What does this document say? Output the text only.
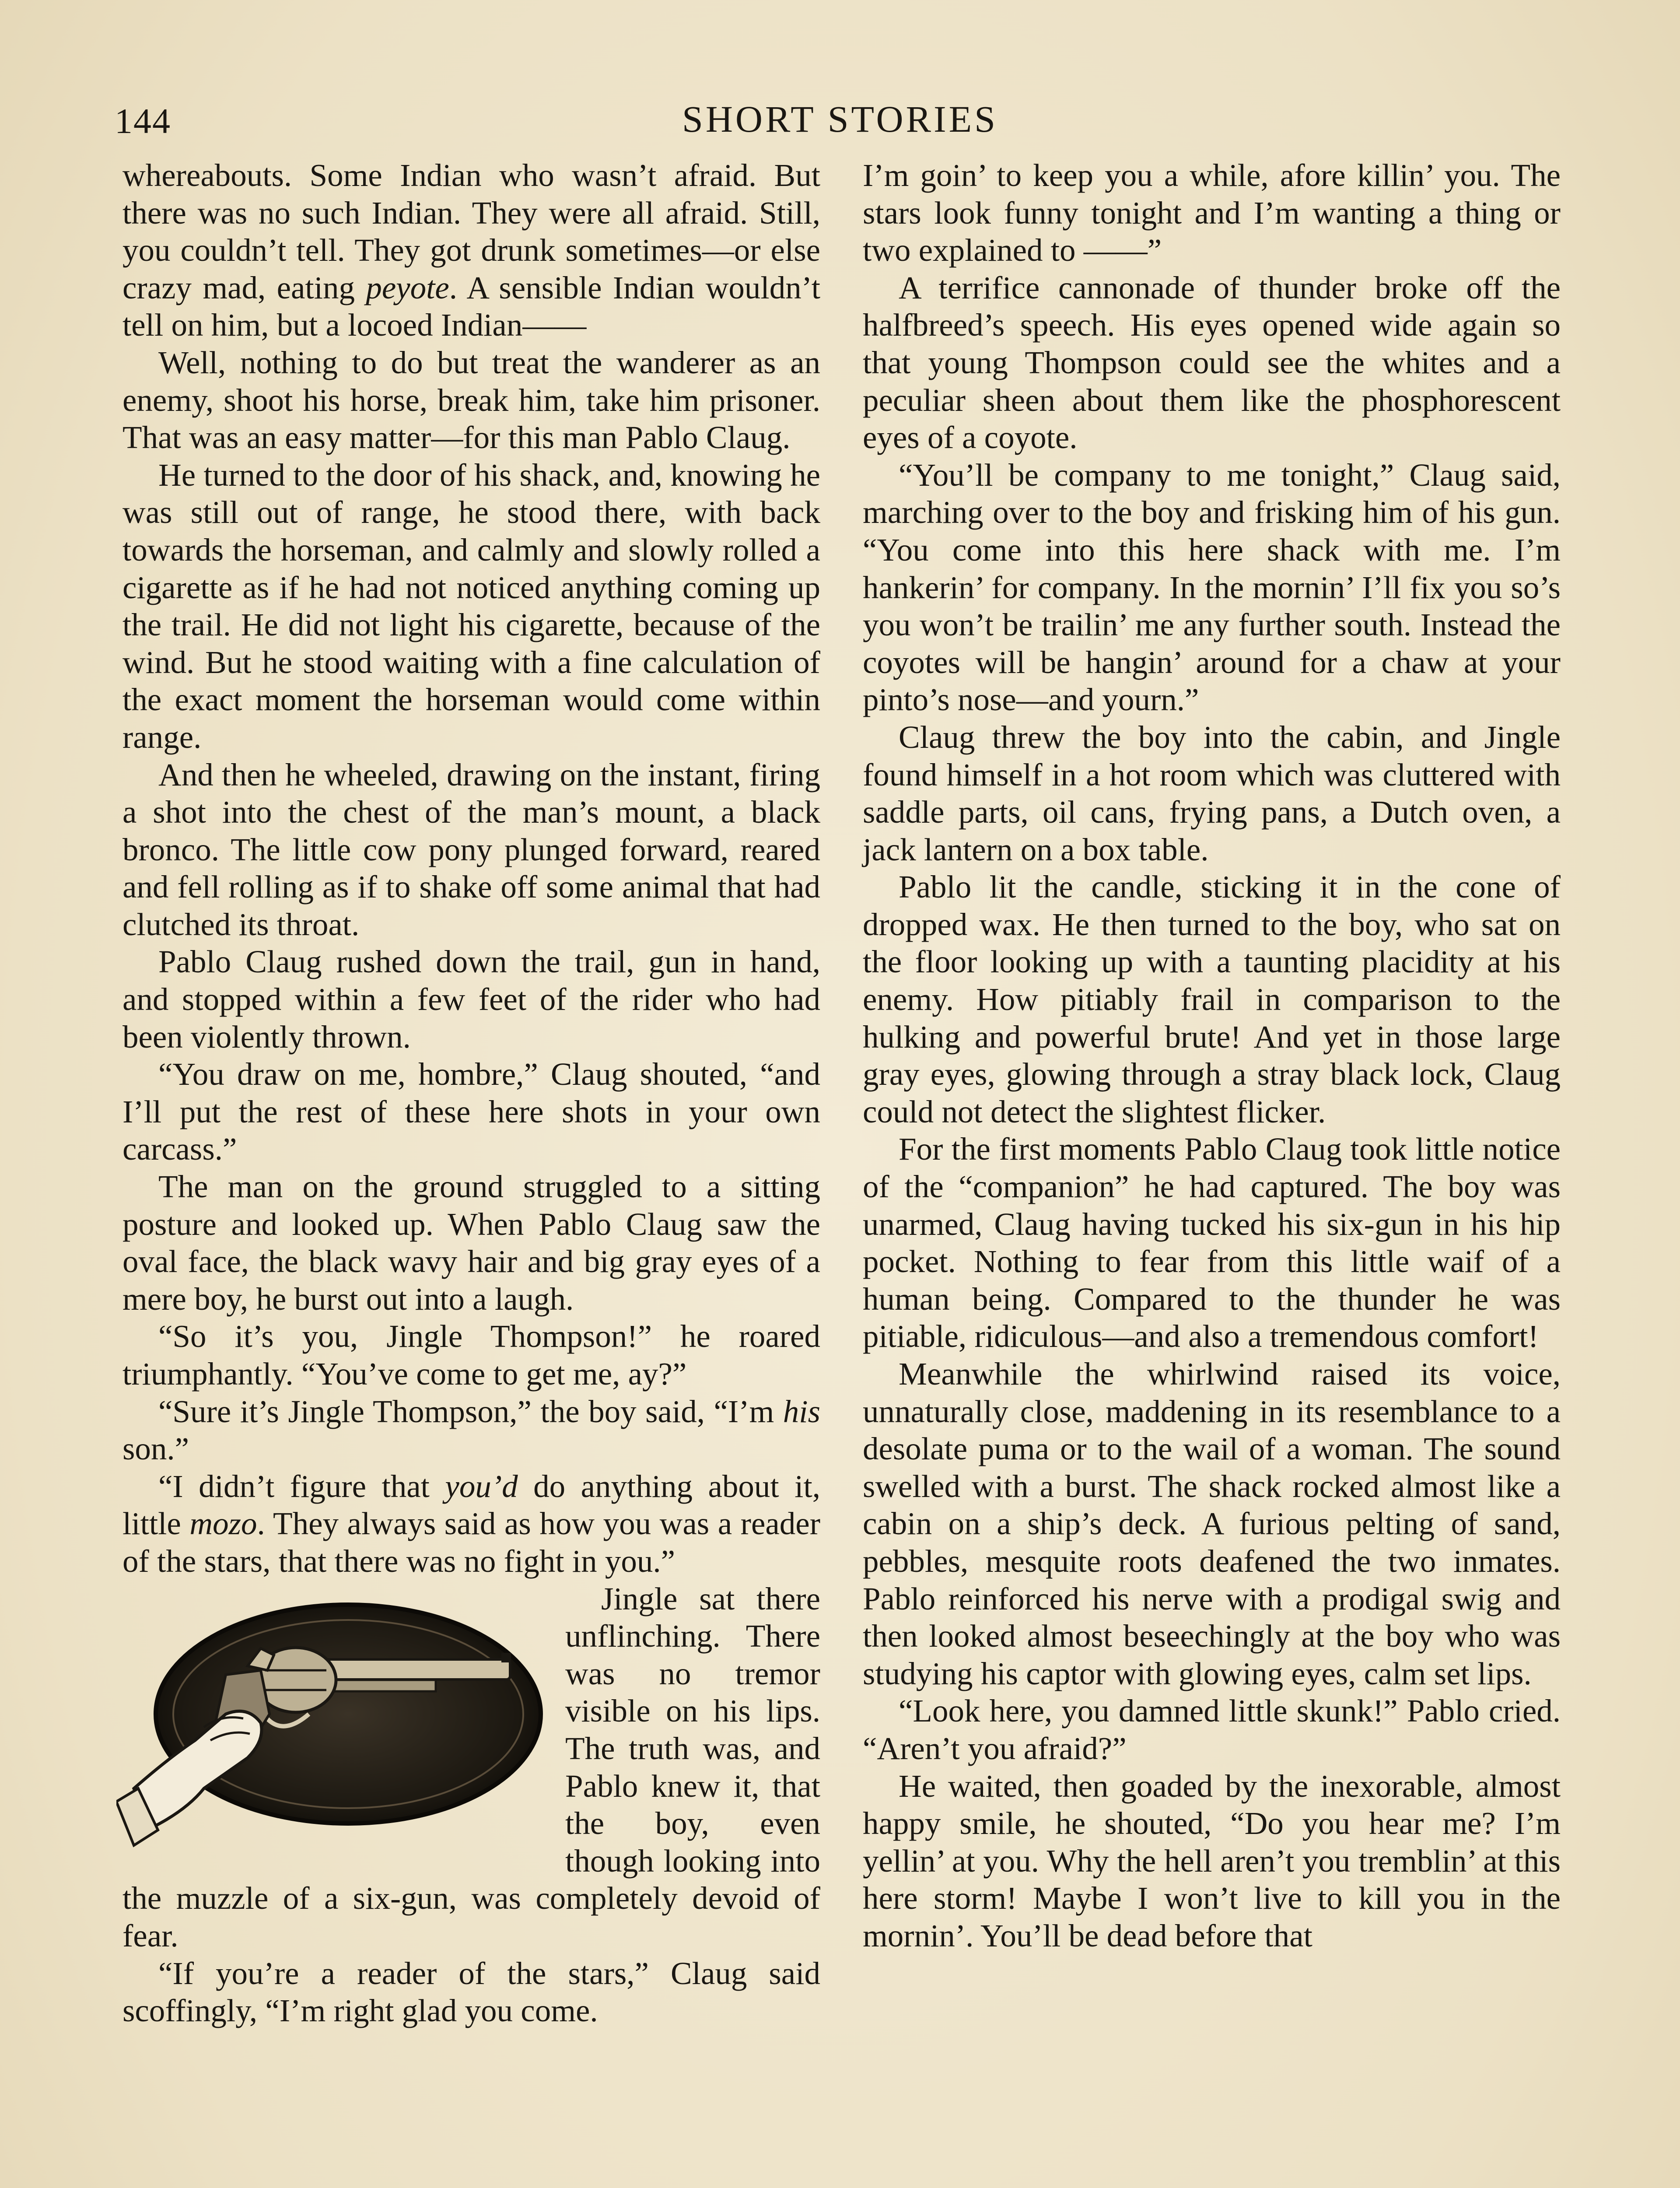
144	SHORT STORIES

whereabouts. Some Indian who wasn’t afraid. But there was no such Indian. They were all afraid. Still, you couldn’t tell. They got drunk sometimes—or else crazy mad, eating peyote. A sensible Indian wouldn’t tell on him, but a locoed Indian——

Well, nothing to do but treat the wanderer as an enemy, shoot his horse, break him, take him prisoner. That was an easy matter—for this man Pablo Claug.

He turned to the door of his shack, and, knowing he was still out of range, he stood there, with back towards the horseman, and calmly and slowly rolled a cigarette as if he had not noticed anything coming up the trail. He did not light his cigarette, because of the wind. But he stood waiting with a fine calculation of the exact moment the horseman would come within range.

And then he wheeled, drawing on the instant, firing a shot into the chest of the man’s mount, a black bronco. The little cow pony plunged forward, reared and fell rolling as if to shake off some animal that had clutched its throat.

Pablo Claug rushed down the trail, gun in hand, and stopped within a few feet of the rider who had been violently thrown.

“You draw on me, hombre,” Claug shouted, “and I’ll put the rest of these here shots in your own carcass.”

The man on the ground struggled to a sitting posture and looked up. When Pablo Claug saw the oval face, the black wavy hair and big gray eyes of a mere boy, he burst out into a laugh.

“So it’s you, Jingle Thompson!” he roared triumphantly. “You’ve come to get me, ay?”

“Sure it’s Jingle Thompson,” the boy said, “I’m his son.”

“I didn’t figure that you’d do anything about it, little mozo. They always said as how you was a reader of the stars, that there was no fight in you.”

Jingle sat there unflinching. There was no tremor visible on his lips. The truth was, and Pablo knew it, that the boy, even though looking into the muzzle of a six-gun, was completely devoid of fear.

“If you’re a reader of the stars,” Claug said scoffingly, “I’m right glad you come.

I’m goin’ to keep you a while, afore killin’ you. The stars look funny tonight and I’m wanting a thing or two explained to ——”

A terrifice cannonade of thunder broke off the halfbreed’s speech. His eyes opened wide again so that young Thompson could see the whites and a peculiar sheen about them like the phosphorescent eyes of a coyote.

“You’ll be company to me tonight,” Claug said, marching over to the boy and frisking him of his gun. “You come into this here shack with me. I’m hankerin’ for company. In the mornin’ I’ll fix you so’s you won’t be trailin’ me any further south. Instead the coyotes will be hangin’ around for a chaw at your pinto’s nose—and yourn.”

Claug threw the boy into the cabin, and Jingle found himself in a hot room which was cluttered with saddle parts, oil cans, frying pans, a Dutch oven, a jack lantern on a box table.

Pablo lit the candle, sticking it in the cone of dropped wax. He then turned to the boy, who sat on the floor looking up with a taunting placidity at his enemy. How pitiably frail in comparison to the hulking and powerful brute! And yet in those large gray eyes, glowing through a stray black lock, Claug could not detect the slightest flicker.

For the first moments Pablo Claug took little notice of the “companion” he had captured. The boy was unarmed, Claug having tucked his six-gun in his hip pocket. Nothing to fear from this little waif of a human being. Compared to the thunder he was pitiable, ridiculous—and also a tremendous comfort!

Meanwhile the whirlwind raised its voice, unnaturally close, maddening in its resemblance to a desolate puma or to the wail of a woman. The sound swelled with a burst. The shack rocked almost like a cabin on a ship’s deck. A furious pelting of sand, pebbles, mesquite roots deafened the two inmates. Pablo reinforced his nerve with a prodigal swig and then looked almost beseechingly at the boy who was studying his captor with glowing eyes, calm set lips.

“Look here, you damned little skunk!” Pablo cried. “Aren’t you afraid?”

He waited, then goaded by the inexorable, almost happy smile, he shouted, “Do you hear me? I’m yellin’ at you. Why the hell aren’t you tremblin’ at this here storm! Maybe I won’t live to kill you in the mornin’. You’ll be dead before that
